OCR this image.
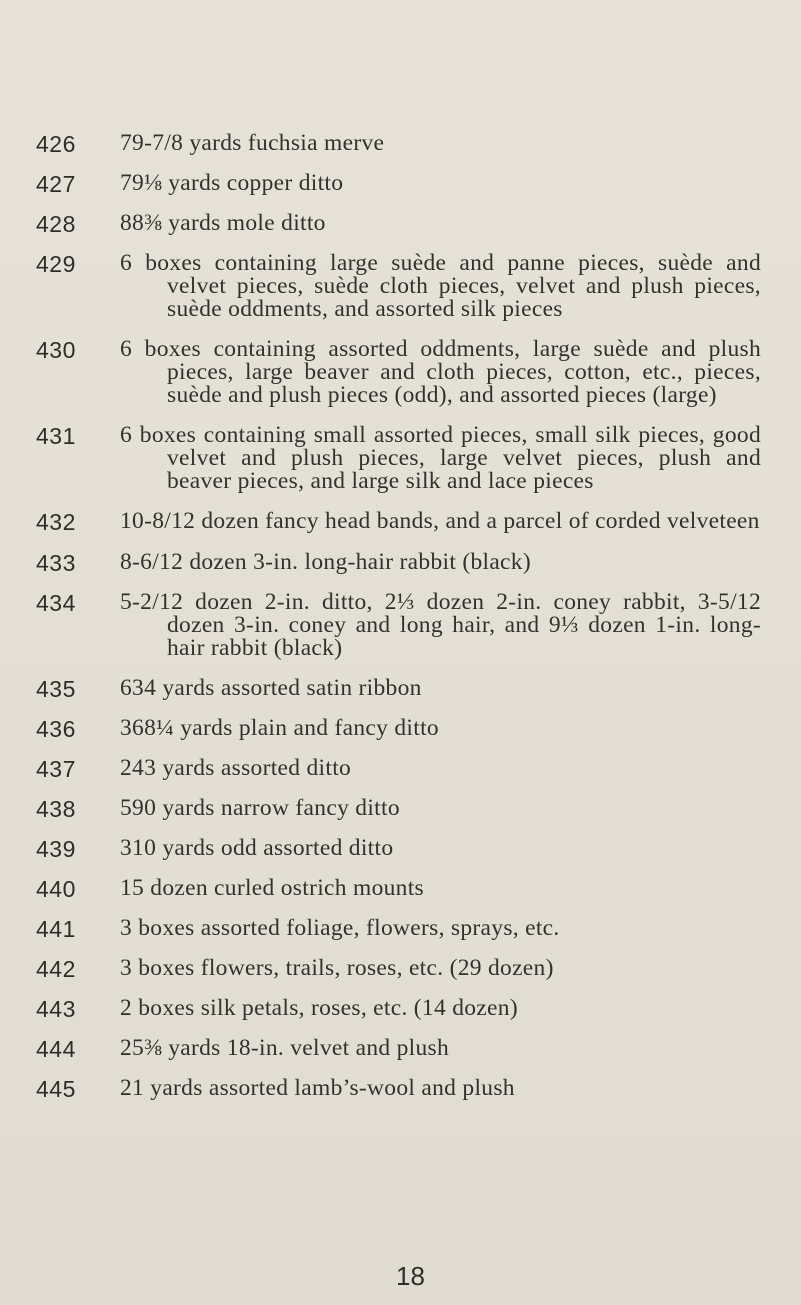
426	79-7/8 yards fuchsia merve
427	79⅛ yards copper ditto
428	88⅜ yards mole ditto
429	6 boxes containing large suède and panne pieces, suède and velvet pieces, suède cloth pieces, velvet and plush pieces, suède oddments, and assorted silk pieces
430	6 boxes containing assorted oddments, large suède and plush pieces, large beaver and cloth pieces, cotton, etc., pieces, suède and plush pieces (odd), and assorted pieces (large)
431	6 boxes containing small assorted pieces, small silk pieces, good velvet and plush pieces, large velvet pieces, plush and beaver pieces, and large silk and lace pieces
432	10-8/12 dozen fancy head bands, and a parcel of corded velveteen
433	8-6/12 dozen 3-in. long-hair rabbit (black)
434	5-2/12 dozen 2-in. ditto, 2⅓ dozen 2-in. coney rabbit, 3-5/12 dozen 3-in. coney and long hair, and 9⅓ dozen 1-in. long-hair rabbit (black)
435	634 yards assorted satin ribbon
436	368¼ yards plain and fancy ditto
437	243 yards assorted ditto
438	590 yards narrow fancy ditto
439	310 yards odd assorted ditto
440	15 dozen curled ostrich mounts
441	3 boxes assorted foliage, flowers, sprays, etc.
442	3 boxes flowers, trails, roses, etc. (29 dozen)
443	2 boxes silk petals, roses, etc. (14 dozen)
444	25⅜ yards 18-in. velvet and plush
445	21 yards assorted lamb’s-wool and plush
18
